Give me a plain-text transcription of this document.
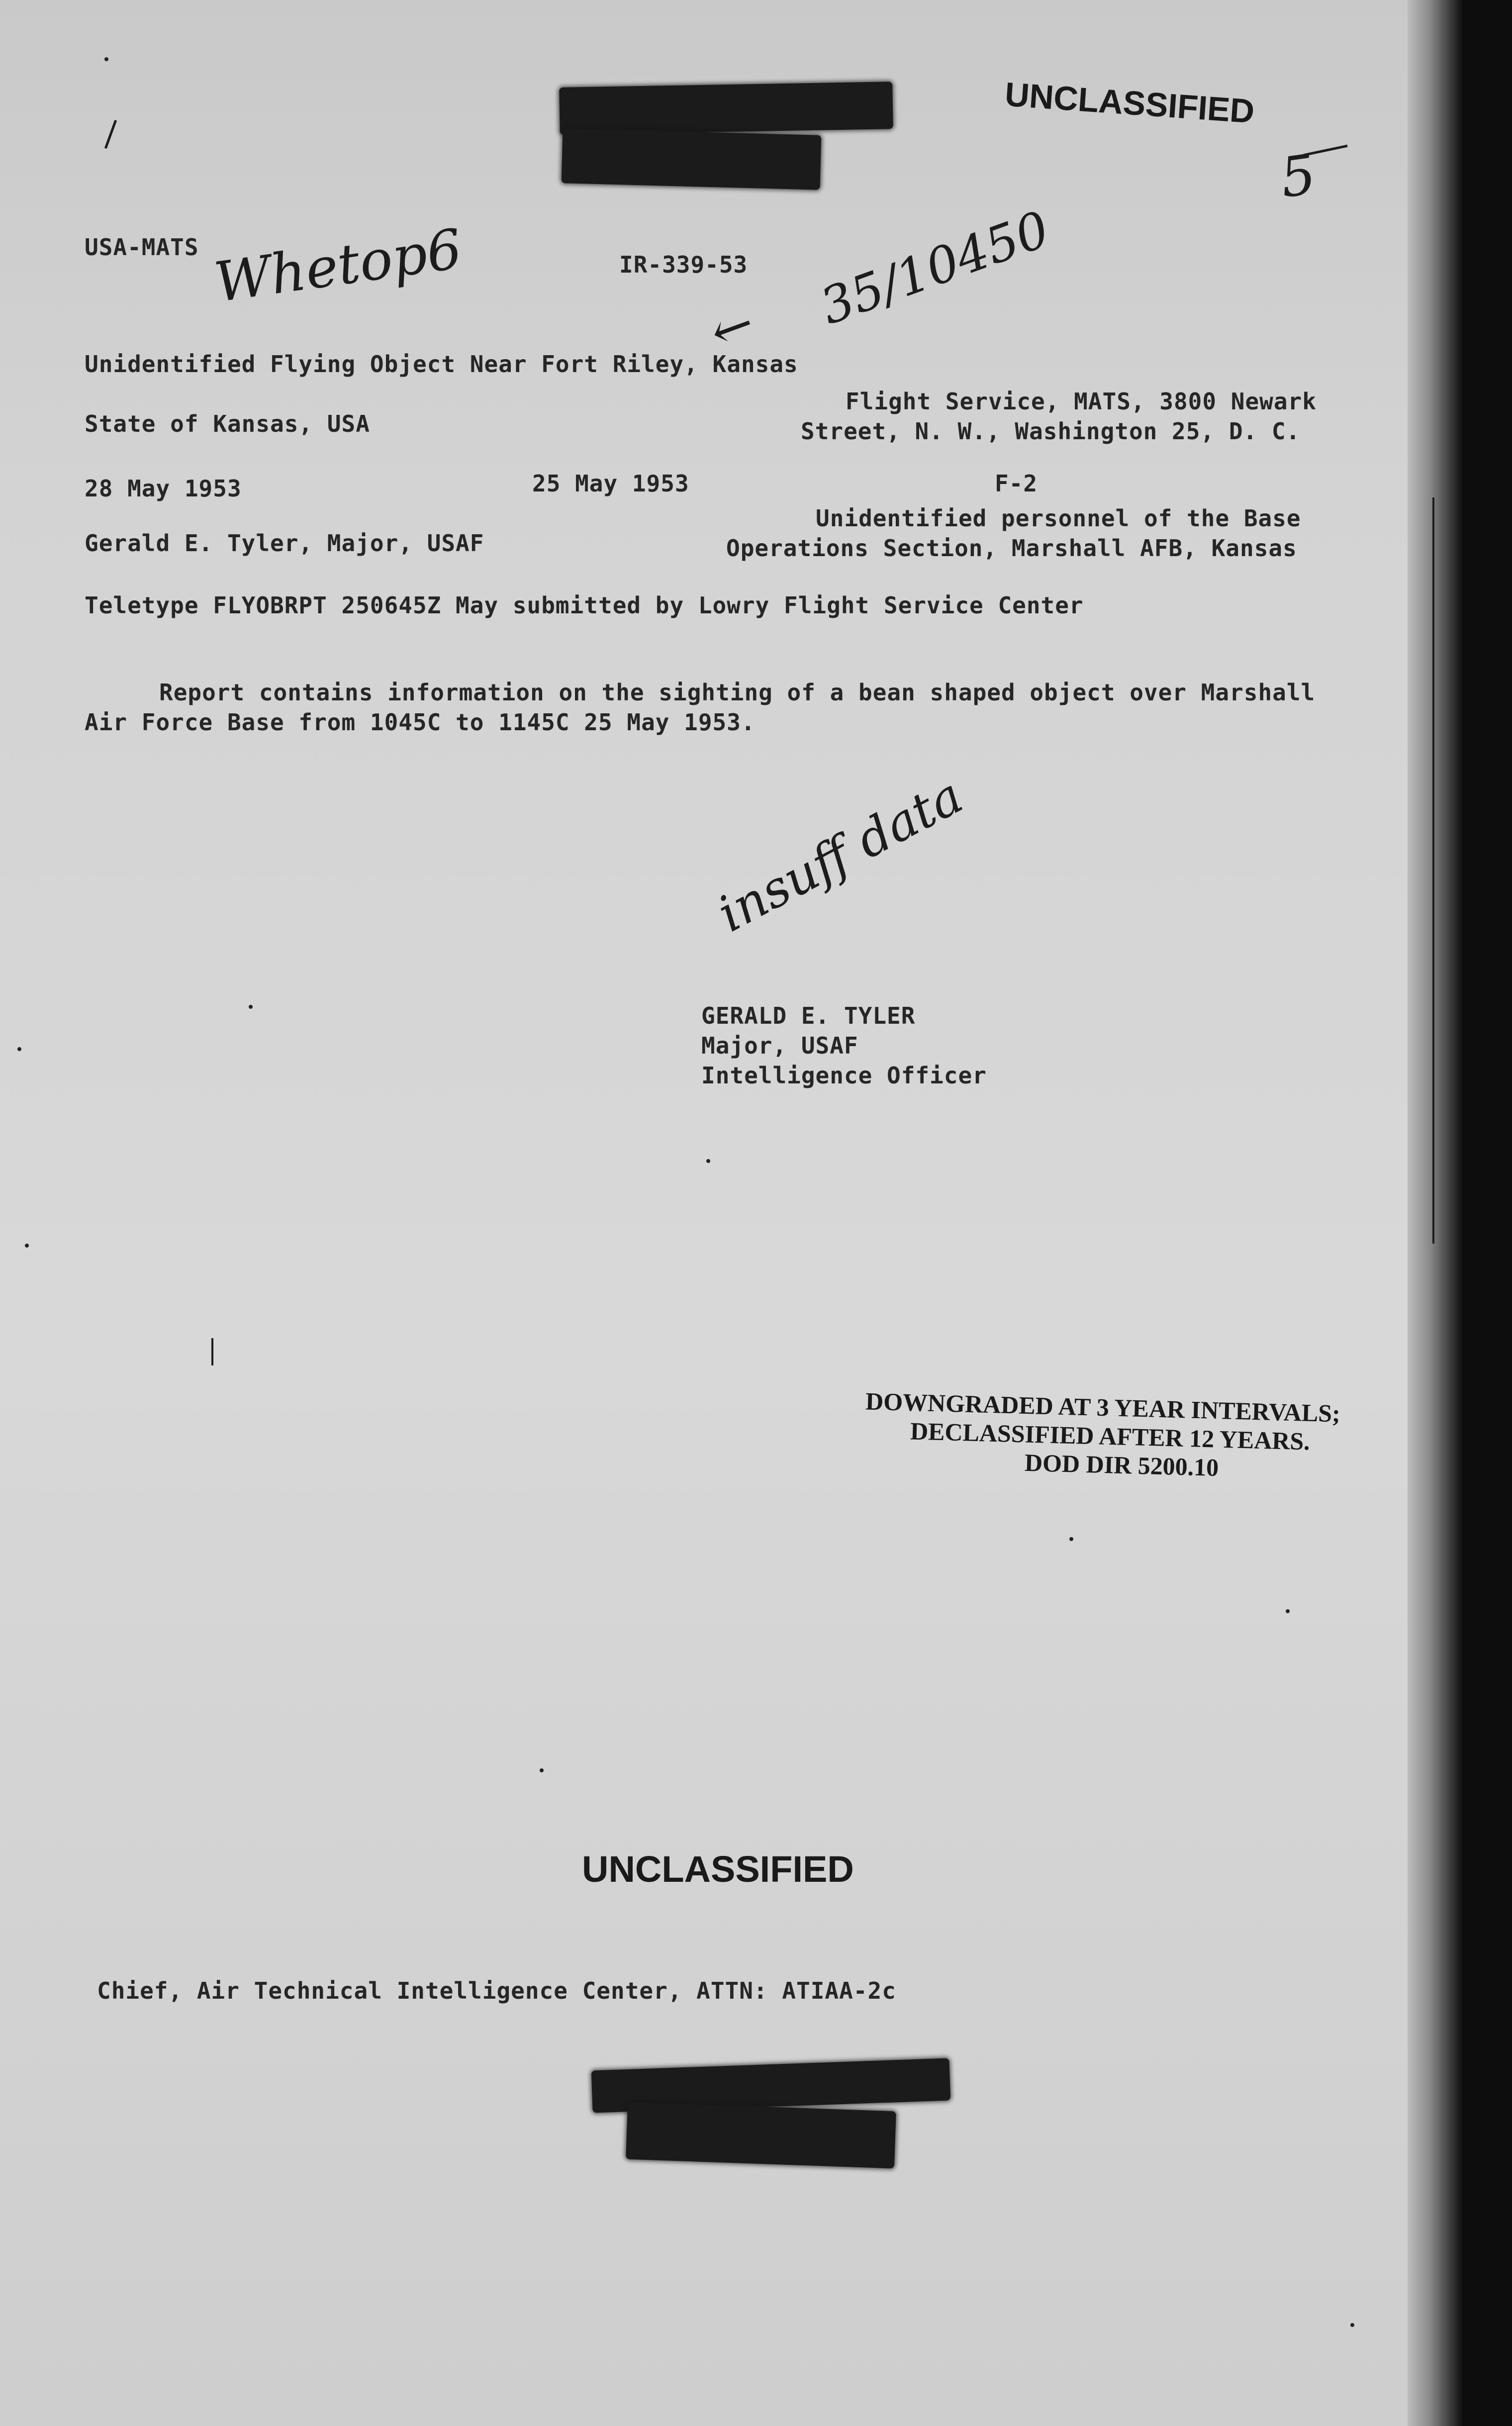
UNCLASSIFIED
5
USA-MATS Whetop6	IR-339-53 35/10450
←
Unidentified Flying Object Near Fort Riley, Kansas
State of Kansas, USA
Flight Service, MATS, 3800 Newark
Street, N. W., Washington 25, D. C.
28 May 1953	25 May 1953	F-2
Gerald E. Tyler, Major, USAF
Unidentified personnel of the Base
Operations Section, Marshall AFB, Kansas
Teletype FLYOBRPT 250645Z May submitted by Lowry Flight Service Center
Report contains information on the sighting of a bean shaped object over Marshall
Air Force Base from 1045C to 1145C 25 May 1953.
insuff data
GERALD E. TYLER
Major, USAF
Intelligence Officer
DOWNGRADED AT 3 YEAR INTERVALS;
DECLASSIFIED AFTER 12 YEARS.
DOD DIR 5200.10
UNCLASSIFIED
Chief, Air Technical Intelligence Center, ATTN: ATIAA-2c
